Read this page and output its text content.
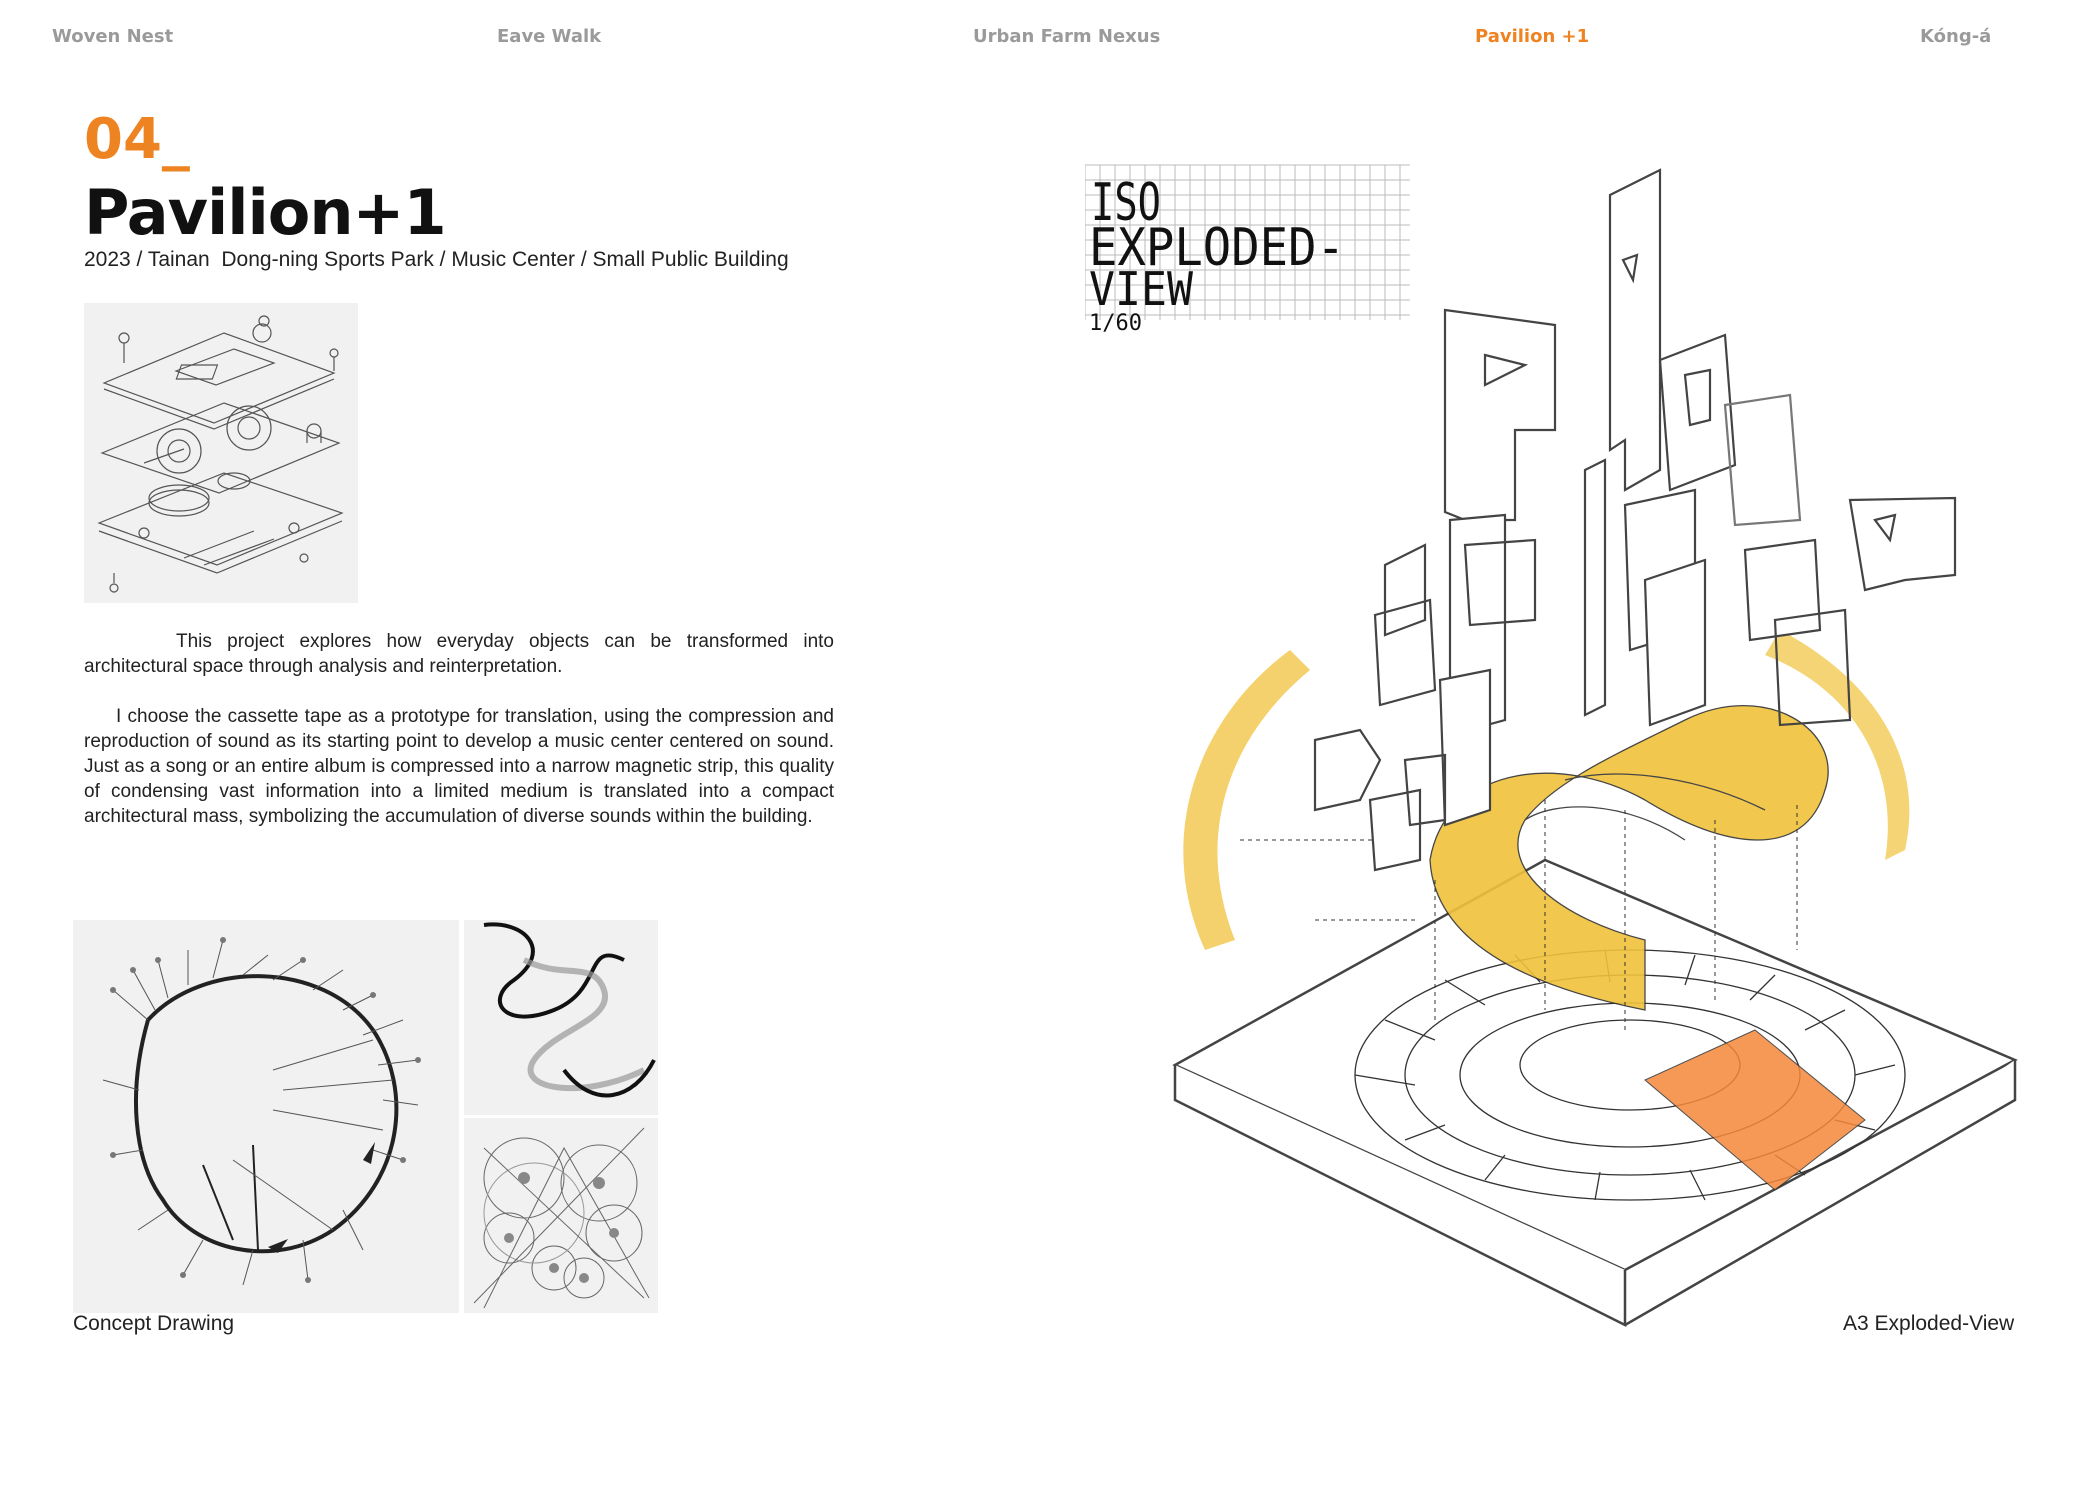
Woven Nest	Eave Walk	Urban Farm Nexus	Pavilion +1	Kóng-á
04_
Pavilion+1
2023 / Tainan  Dong-ning Sports Park / Music Center / Small Public Building

This project explores how everyday objects can be transformed into architectural space through analysis and reinterpretation.

I choose the cassette tape as a prototype for translation, using the compression and reproduction of sound as its starting point to develop a music center centered on sound. Just as a song or an entire album is compressed into a narrow magnetic strip, this quality of condensing vast information into a limited medium is translated into a compact architectural mass, symbolizing the accumulation of diverse sounds within the building.

Concept Drawing
ISO
EXPLODED-
VIEW
1/60
A3 Exploded-View
